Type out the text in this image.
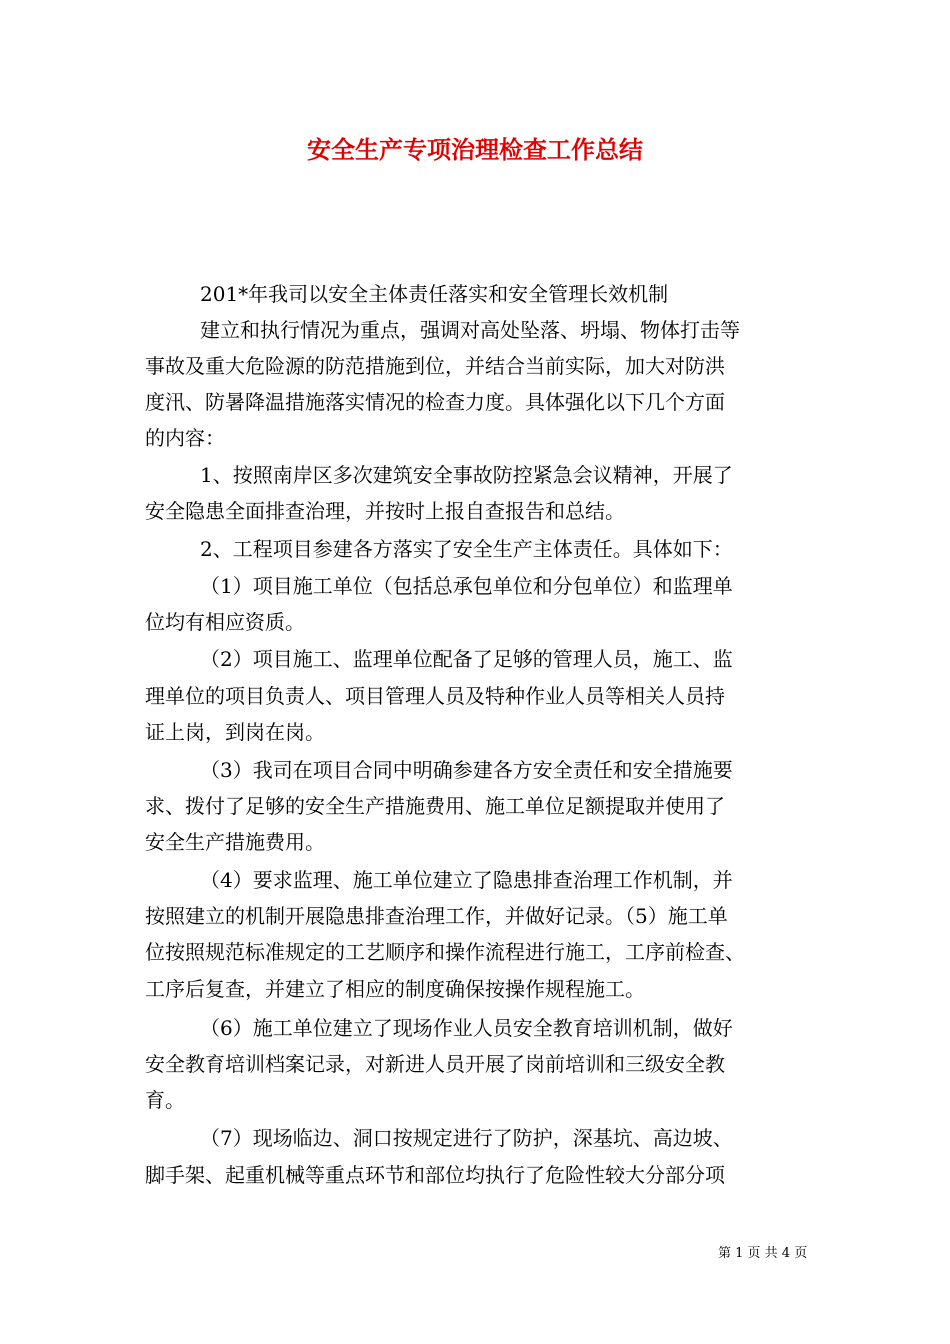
安全生产专项治理检查工作总结
201*年我司以安全主体责任落实和安全管理长效机制
建立和执行情况为重点，强调对高处坠落、坍塌、物体打击等
事故及重大危险源的防范措施到位，并结合当前实际，加大对防洪
度汛、防暑降温措施落实情况的检查力度。具体强化以下几个方面
的内容：
1、按照南岸区多次建筑安全事故防控紧急会议精神，开展了
安全隐患全面排查治理，并按时上报自查报告和总结。
2、工程项目参建各方落实了安全生产主体责任。具体如下：
（1）项目施工单位（包括总承包单位和分包单位）和监理单
位均有相应资质。
（2）项目施工、监理单位配备了足够的管理人员，施工、监
理单位的项目负责人、项目管理人员及特种作业人员等相关人员持
证上岗，到岗在岗。
（3）我司在项目合同中明确参建各方安全责任和安全措施要
求、拨付了足够的安全生产措施费用、施工单位足额提取并使用了
安全生产措施费用。
（4）要求监理、施工单位建立了隐患排查治理工作机制，并
按照建立的机制开展隐患排查治理工作，并做好记录。（5）施工单
位按照规范标准规定的工艺顺序和操作流程进行施工，工序前检查、
工序后复查，并建立了相应的制度确保按操作规程施工。
（6）施工单位建立了现场作业人员安全教育培训机制，做好
安全教育培训档案记录，对新进人员开展了岗前培训和三级安全教
育。
（7）现场临边、洞口按规定进行了防护，深基坑、高边坡、
脚手架、起重机械等重点环节和部位均执行了危险性较大分部分项
第 1 页 共 4 页
